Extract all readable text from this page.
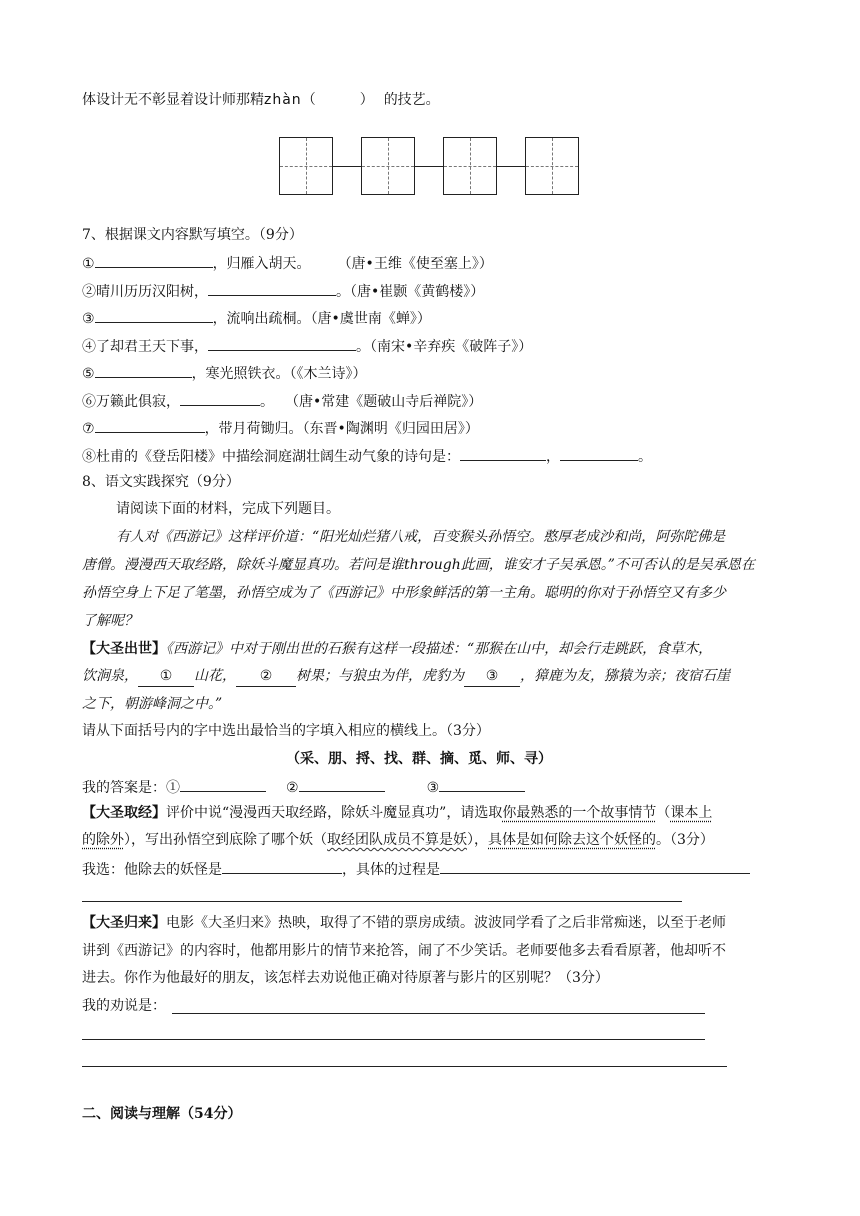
体设计无不彰显着设计师那精zhàn（	） 的技艺。
7、根据课文内容默写填空。（9分）
①	，归雁入胡天。 （唐•王维《使至塞上》）
②晴川历历汉阳树，	。（唐•崔颢《黄鹤楼》）
③	，流响出疏桐。（唐•虞世南《蝉》）
④了却君王天下事，	。（南宋•辛弃疾《破阵子》）
⑤	，寒光照铁衣。（《木兰诗》）
⑥万籁此俱寂，	。 （唐•常建《题破山寺后禅院》）
⑦	，带月荷锄归。（东晋•陶渊明《归园田居》）
⑧杜甫的《登岳阳楼》中描绘洞庭湖壮阔生动气象的诗句是：	，	。
8、语文实践探究（9分）
请阅读下面的材料，完成下列题目。
有人对《西游记》这样评价道：“阳光灿烂猪八戒，百变猴头孙悟空。憨厚老成沙和尚，阿弥陀佛是
唐僧。漫漫西天取经路，除妖斗魔显真功。若问是谁through此画，谁安才子吴承恩。”不可否认的是吴承恩在
孙悟空身上下足了笔墨，孙悟空成为了《西游记》中形象鲜活的第一主角。聪明的你对于孙悟空又有多少
了解呢？
【大圣出世】《西游记》中对于刚出世的石猴有这样一段描述：“那猴在山中，却会行走跳跃，食草木，
饮涧泉， ① 山花， ② 树果；与狼虫为伴，虎豹为 ③ ，獐鹿为友，猕猿为亲；夜宿石崖
之下，朝游峰洞之中。”
请从下面括号内的字中选出最恰当的字填入相应的横线上。（3分）
（采、朋、捋、找、群、摘、觅、师、寻）
我的答案是：①	②	③
【大圣取经】评价中说“漫漫西天取经路，除妖斗魔显真功”，请选取你最熟悉的一个故事情节（课本上
的除外），写出孙悟空到底除了哪个妖（取经团队成员不算是妖），具体是如何除去这个妖怪的。（3分）
我选：他除去的妖怪是	，具体的过程是
【大圣归来】电影《大圣归来》热映，取得了不错的票房成绩。波波同学看了之后非常痴迷，以至于老师
讲到《西游记》的内容时，他都用影片的情节来抢答，闹了不少笑话。老师要他多去看看原著，他却听不
进去。你作为他最好的朋友，该怎样去劝说他正确对待原著与影片的区别呢？（3分）
我的劝说是：
二、阅读与理解（54分）
